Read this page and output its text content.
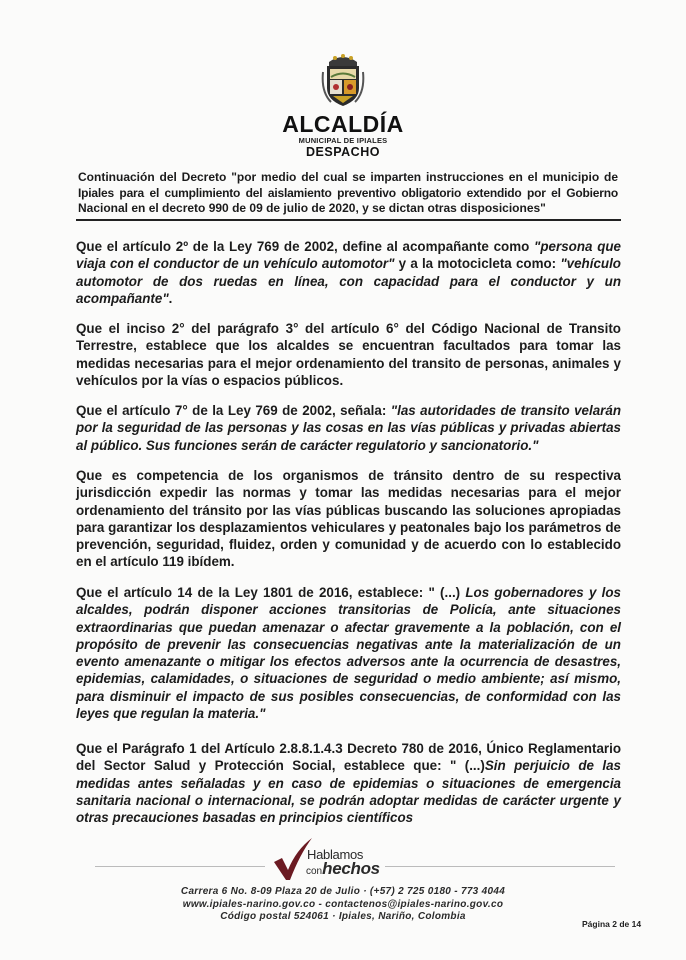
ALCALDÍA
MUNICIPAL DE IPIALES
DESPACHO
Continuación del Decreto "por medio del cual se imparten instrucciones en el municipio de
Ipiales para el cumplimiento del aislamiento preventivo obligatorio extendido por el Gobierno
Nacional en el decreto 990 de 09 de julio de 2020, y se dictan otras disposiciones"
Que el artículo 2º de la Ley 769 de 2002, define al acompañante como "persona que viaja con el conductor de un vehículo automotor" y a la motocicleta como: "vehículo automotor de dos ruedas en línea, con capacidad para el conductor y un acompañante".
Que el inciso 2° del parágrafo 3° del artículo 6° del Código Nacional de Transito Terrestre, establece que los alcaldes se encuentran facultados para tomar las medidas necesarias para el mejor ordenamiento del transito de personas, animales y vehículos por la vías o espacios públicos.
Que el artículo 7° de la Ley 769 de 2002, señala: "las autoridades de transito velarán por la seguridad de las personas y las cosas en las vías públicas y privadas abiertas al público. Sus funciones serán de carácter regulatorio y sancionatorio."
Que es competencia de los organismos de tránsito dentro de su respectiva jurisdicción expedir las normas y tomar las medidas necesarias para el mejor ordenamiento del tránsito por las vías públicas buscando las soluciones apropiadas para garantizar los desplazamientos vehiculares y peatonales bajo los parámetros de prevención, seguridad, fluidez, orden y comunidad y de acuerdo con lo establecido en el artículo 119 ibídem.
Que el artículo 14 de la Ley 1801 de 2016, establece: " (...) Los gobernadores y los alcaldes, podrán disponer acciones transitorias de Policía, ante situaciones extraordinarias que puedan amenazar o afectar gravemente a la población, con el propósito de prevenir las consecuencias negativas ante la materialización de un evento amenazante o mitigar los efectos adversos ante la ocurrencia de desastres, epidemias, calamidades, o situaciones de seguridad o medio ambiente; así mismo, para disminuir el impacto de sus posibles consecuencias, de conformidad con las leyes que regulan la materia."
Que el Parágrafo 1 del Artículo 2.8.8.1.4.3 Decreto 780 de 2016, Único Reglamentario del Sector Salud y Protección Social, establece que: " (...)Sin perjuicio de las medidas antes señaladas y en caso de epidemias o situaciones de emergencia sanitaria nacional o internacional, se podrán adoptar medidas de carácter urgente y otras precauciones basadas en principios científicos
Hablamos
conhechos
Carrera 6 No. 8-09 Plaza 20 de Julio · (+57) 2 725 0180 - 773 4044
www.ipiales-narino.gov.co - contactenos@ipiales-narino.gov.co
Código postal 524061 · Ipiales, Nariño, Colombia
Página 2 de 14
